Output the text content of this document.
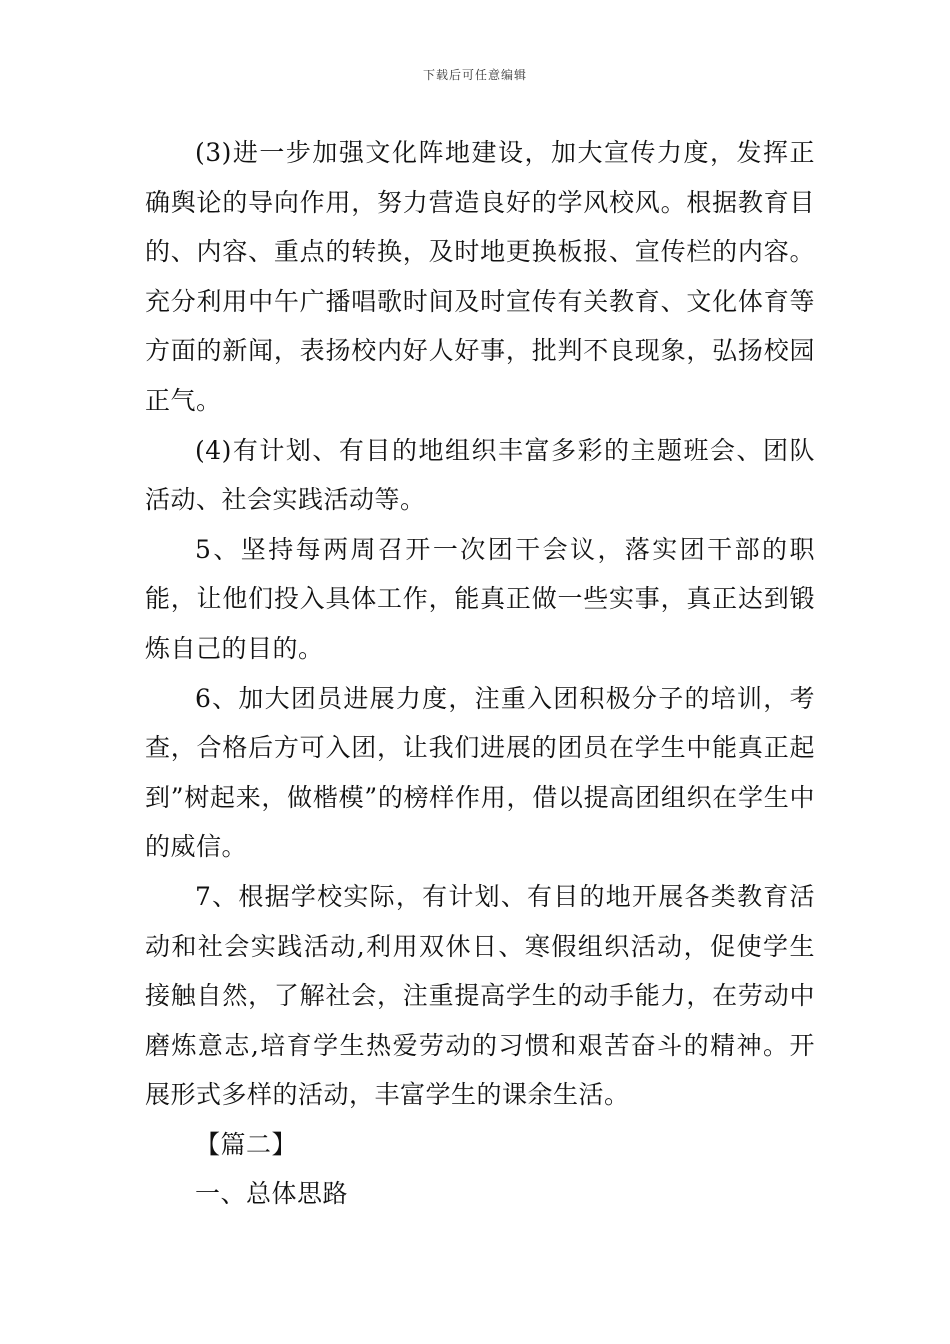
下载后可任意编辑

(3)进一步加强文化阵地建设，加大宣传力度，发挥正确舆论的导向作用，努力营造良好的学风校风。根据教育目的、内容、重点的转换，及时地更换板报、宣传栏的内容。充分利用中午广播唱歌时间及时宣传有关教育、文化体育等方面的新闻，表扬校内好人好事，批判不良现象，弘扬校园正气。

(4)有计划、有目的地组织丰富多彩的主题班会、团队活动、社会实践活动等。

5、坚持每两周召开一次团干会议，落实团干部的职能，让他们投入具体工作，能真正做一些实事，真正达到锻炼自己的目的。

6、加大团员进展力度，注重入团积极分子的培训，考查，合格后方可入团，让我们进展的团员在学生中能真正起到”树起来，做楷模”的榜样作用，借以提高团组织在学生中的威信。

7、根据学校实际，有计划、有目的地开展各类教育活动和社会实践活动,利用双休日、寒假组织活动，促使学生接触自然，了解社会，注重提高学生的动手能力，在劳动中磨炼意志,培育学生热爱劳动的习惯和艰苦奋斗的精神。开展形式多样的活动，丰富学生的课余生活。

【篇二】

一、总体思路
